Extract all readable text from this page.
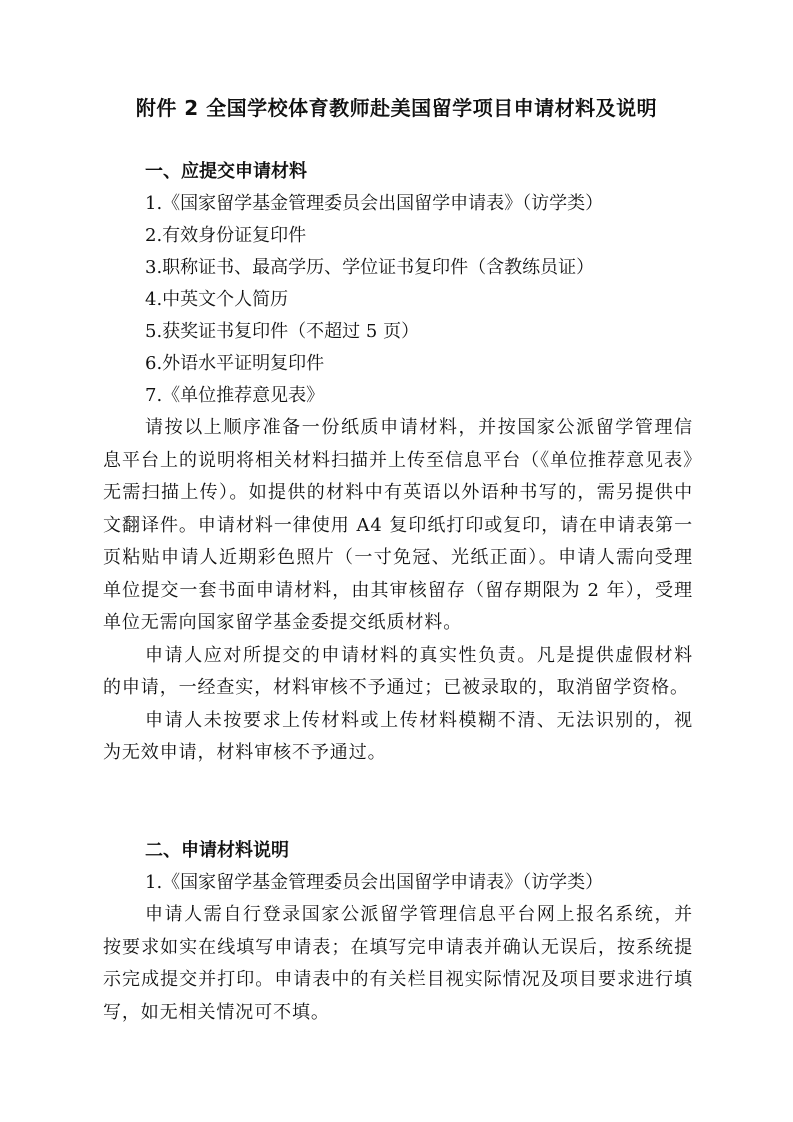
附件 2 全国学校体育教师赴美国留学项目申请材料及说明
一、应提交申请材料
1.《国家留学基金管理委员会出国留学申请表》（访学类）
2.有效身份证复印件
3.职称证书、最高学历、学位证书复印件（含教练员证）
4.中英文个人简历
5.获奖证书复印件（不超过 5 页）
6.外语水平证明复印件
7.《单位推荐意见表》
请按以上顺序准备一份纸质申请材料，并按国家公派留学管理信息平台上的说明将相关材料扫描并上传至信息平台（《单位推荐意见表》无需扫描上传）。如提供的材料中有英语以外语种书写的，需另提供中文翻译件。申请材料一律使用 A4 复印纸打印或复印，请在申请表第一页粘贴申请人近期彩色照片（一寸免冠、光纸正面）。申请人需向受理单位提交一套书面申请材料，由其审核留存（留存期限为 2 年），受理单位无需向国家留学基金委提交纸质材料。
申请人应对所提交的申请材料的真实性负责。凡是提供虚假材料的申请，一经查实，材料审核不予通过；已被录取的，取消留学资格。
申请人未按要求上传材料或上传材料模糊不清、无法识别的，视为无效申请，材料审核不予通过。
二、申请材料说明
1.《国家留学基金管理委员会出国留学申请表》（访学类）
申请人需自行登录国家公派留学管理信息平台网上报名系统，并按要求如实在线填写申请表；在填写完申请表并确认无误后，按系统提示完成提交并打印。申请表中的有关栏目视实际情况及项目要求进行填写，如无相关情况可不填。
